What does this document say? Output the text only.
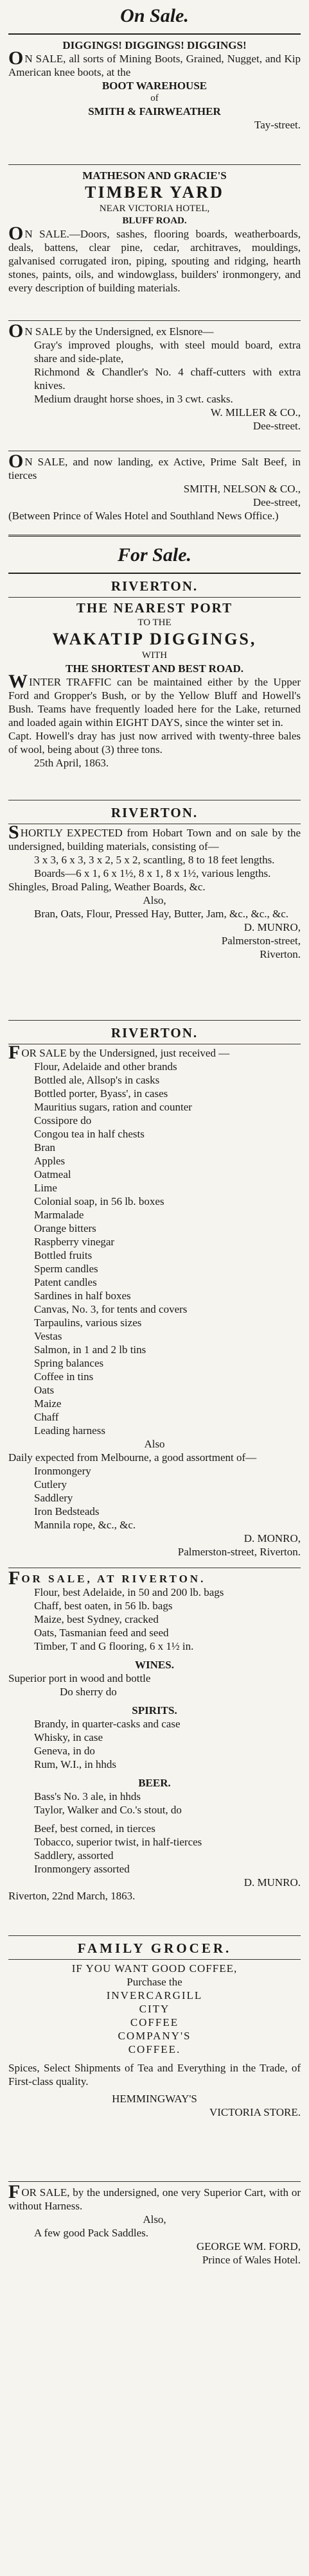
On Sale.
DIGGINGS! DIGGINGS! DIGGINGS!
O N SALE, all sorts of Mining Boots, Grained, Nugget, and Kip American knee boots, at the
BOOT WAREHOUSE
of
SMITH & FAIRWEATHER
Tay-street.
MATHESON AND GRACIE'S
TIMBER YARD
NEAR VICTORIA HOTEL,
BLUFF ROAD.
O N SALE.—Doors, sashes, flooring boards, weatherboards, deals, battens, clear pine, cedar, architraves, mouldings, galvanised corrugated iron, piping, spouting and ridging, hearth stones, paints, oils, and windowglass, builders' ironmongery, and every description of building materials.
O N SALE by the Undersigned, ex Elsnore—
Gray's improved ploughs, with steel mould board, extra share and side-plate,
Richmond & Chandler's No. 4 chaff-cutters with extra knives.
Medium draught horse shoes, in 3 cwt. casks.
W. MILLER & CO.,
Dee-street.
O N SALE, and now landing, ex Active, Prime Salt Beef, in tierces
SMITH, NELSON & CO.,
Dee-street,
(Between Prince of Wales Hotel and Southland News Office.)
For Sale.
RIVERTON.
THE NEAREST PORT
TO THE
WAKATIP DIGGINGS,
WITH
THE SHORTEST AND BEST ROAD.
WINTER TRAFFIC can be maintained either by the Upper Ford and Gropper's Bush, or by the Yellow Bluff and Howell's Bush. Teams have frequently loaded here for the Lake, returned and loaded again within EIGHT DAYS, since the winter set in.
Capt. Howell's dray has just now arrived with twenty-three bales of wool, being about (3) three tons.
25th April, 1863.
RIVERTON.
SHORTLY EXPECTED from Hobart Town and on sale by the undersigned, building materials, consisting of—
3 x 3, 6 x 3, 3 x 2, 5 x 2, scantling, 8 to 18 feet lengths.
Boards—6 x 1, 6 x 1½, 8 x 1, 8 x 1½, various lengths.
Shingles, Broad Paling, Weather Boards, &c.
Also,
Bran, Oats, Flour, Pressed Hay, Butter, Jam, &c., &c., &c.
D. MUNRO,
Palmerston-street,
Riverton.
RIVERTON.
FOR SALE by the Undersigned, just received —
Flour, Adelaide and other brands
Bottled ale, Allsop's in casks
Bottled porter, Byass', in cases
Mauritius sugars, ration and counter
Cossipore do
Congou tea in half chests
Bran
Apples
Oatmeal
Lime
Colonial soap, in 56 lb. boxes
Marmalade
Orange bitters
Raspberry vinegar
Bottled fruits
Sperm candles
Patent candles
Sardines in half boxes
Canvas, No. 3, for tents and covers
Tarpaulins, various sizes
Vestas
Salmon, in 1 and 2 lb tins
Spring balances
Coffee in tins
Oats
Maize
Chaff
Leading harness
Also
Daily expected from Melbourne, a good assortment of—
Ironmongery
Cutlery
Saddlery
Iron Bedsteads
Mannila rope, &c., &c.
D. MONRO,
Palmerston-street, Riverton.
FOR SALE, AT RIVERTON.
Flour, best Adelaide, in 50 and 200 lb. bags
Chaff, best oaten, in 56 lb. bags
Maize, best Sydney, cracked
Oats, Tasmanian feed and seed
Timber, T and G flooring, 6 x 1½ in.
WINES.
Superior port in wood and bottle
Do sherry do
SPIRITS.
Brandy, in quarter-casks and case
Whisky, in case
Geneva, in do
Rum, W.I., in hhds
BEER.
Bass's No. 3 ale, in hhds
Taylor, Walker and Co.'s stout, do
Beef, best corned, in tierces
Tobacco, superior twist, in half-tierces
Saddlery, assorted
Ironmongery assorted
D. MUNRO.
Riverton, 22nd March, 1863.
FAMILY GROCER.
IF YOU WANT GOOD COFFEE,
Purchase the
INVERCARGILL
CITY
COFFEE
COMPANY'S
COFFEE.
Spices, Select Shipments of Tea and Everything in the Trade, of First-class quality.
HEMMINGWAY'S
VICTORIA STORE.
FOR SALE, by the undersigned, one very Superior Cart, with or without Harness.
Also,
A few good Pack Saddles.
GEORGE WM. FORD,
Prince of Wales Hotel.
